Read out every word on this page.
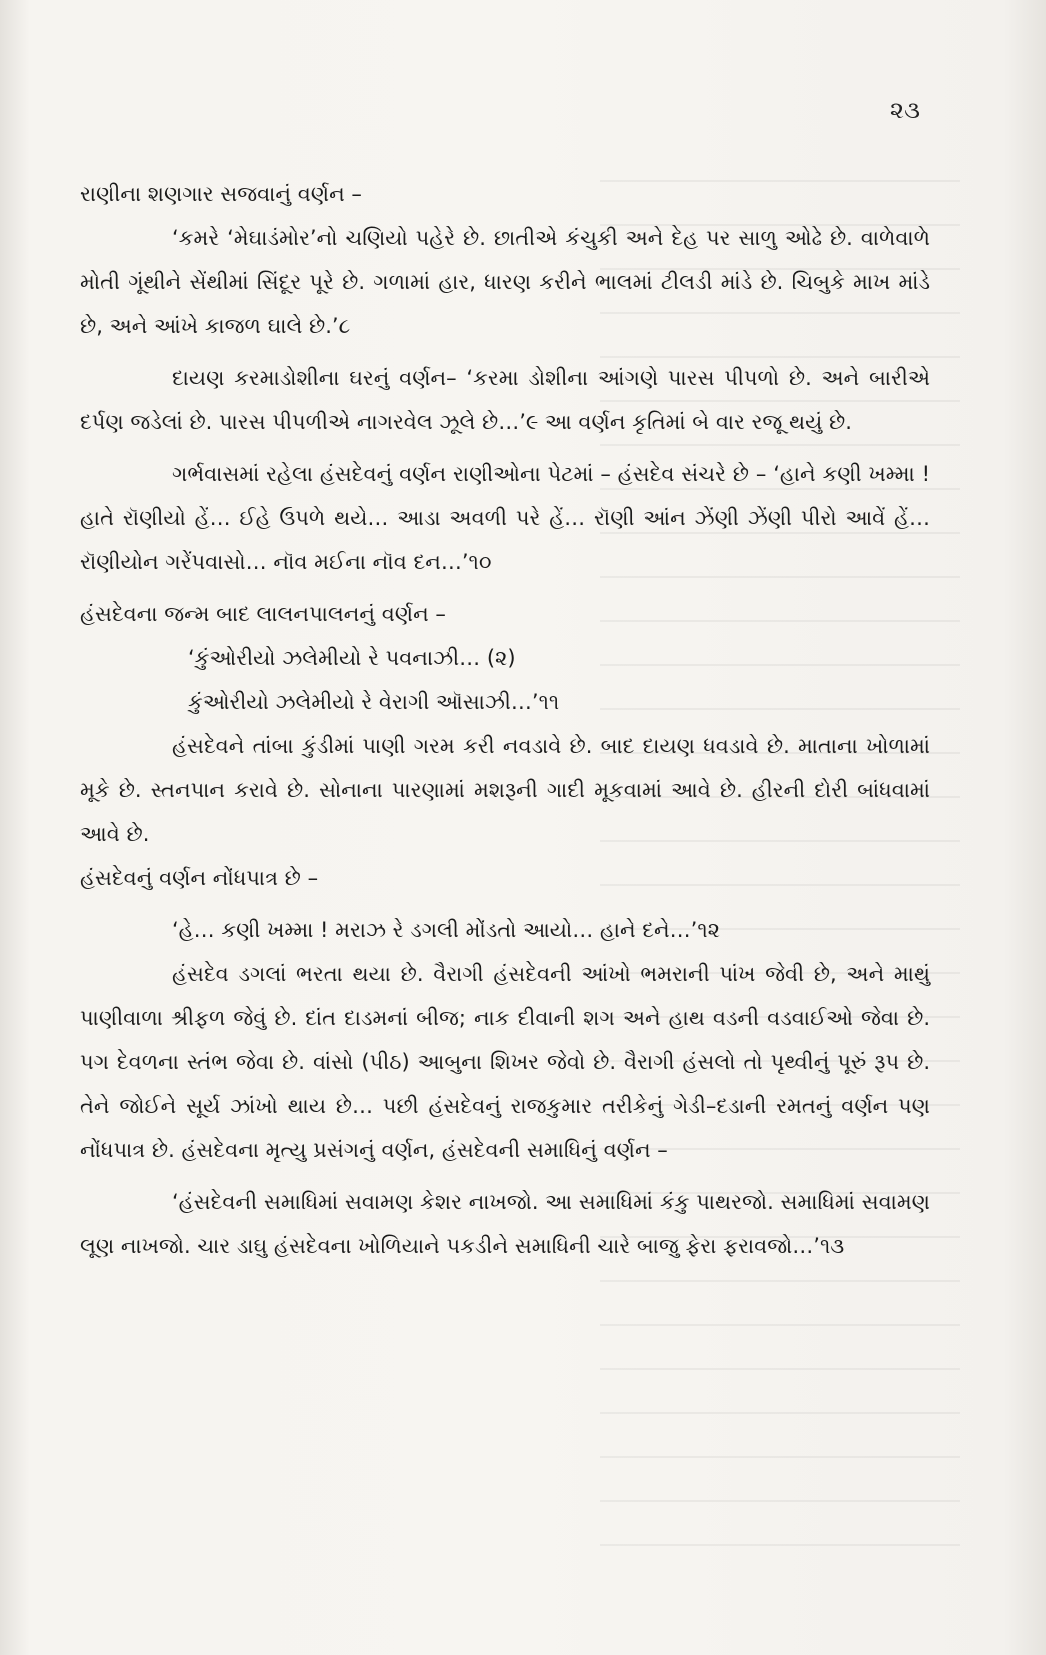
૨૩

રાણીના શણગાર સજવાનું વર્ણન –

‘કમરે ‘મેઘાડંમોર’નો ચણિયો પહેરે છે. છાતીએ કંચુકી અને દેહ પર સાળુ ઓઢે છે. વાળેવાળે મોતી ગૂંથીને સેંથીમાં સિંદૂર પૂરે છે. ગળામાં હાર, ધારણ કરીને ભાલમાં ટીલડી માંડે છે. ચિબુકે માખ માંડે છે, અને આંખે કાજળ ઘાલે છે.’૮

દાયણ કરમાડોશીના ઘરનું વર્ણન– ‘કરમા ડોશીના આંગણે પારસ પીપળો છે. અને બારીએ દર્પણ જડેલાં છે. પારસ પીપળીએ નાગરવેલ ઝૂલે છે…’૯ આ વર્ણન કૃતિમાં બે વાર રજૂ થયું છે.

ગર્ભવાસમાં રહેલા હંસદેવનું વર્ણન રાણીઓના પેટમાં – હંસદેવ સંચરે છે – ‘હાને કણી ખમ્મા ! હાતે રૉણીયો હેં… ઈહે ઉપળે થયે… આડા અવળી પરે હેં… રૉણી આંન ઝેંણી ઝેંણી પીરો આવેં હેં… રૉણીયોન ગરેંપવાસો… નૉવ મઈના નૉવ દન…’૧૦

હંસદેવના જન્મ બાદ લાલનપાલનનું વર્ણન –

‘કુંઓરીયો ઝલેમીયો રે પવનાઝી… (૨)
કુંઓરીયો ઝલેમીયો રે વેરાગી ઑસાઝી…’૧૧

હંસદેવને તાંબા કુંડીમાં પાણી ગરમ કરી નવડાવે છે. બાદ દાયણ ધવડાવે છે. માતાના ખોળામાં મૂકે છે. સ્તનપાન કરાવે છે. સોનાના પારણામાં મશરૂની ગાદી મૂકવામાં આવે છે. હીરની દોરી બાંધવામાં આવે છે.

હંસદેવનું વર્ણન નોંધપાત્ર છે –

‘હે… કણી ખમ્મા ! મરાઝ રે ડગલી મોંડતો આયો… હાને દને…’૧૨

હંસદેવ ડગલાં ભરતા થયા છે. વૈરાગી હંસદેવની આંખો ભમરાની પાંખ જેવી છે, અને માથું પાણીવાળા શ્રીફળ જેવું છે. દાંત દાડમનાં બીજ; નાક દીવાની શગ અને હાથ વડની વડવાઈઓ જેવા છે. પગ દેવળના સ્તંભ જેવા છે. વાંસો (પીઠ) આબુના શિખર જેવો છે. વૈરાગી હંસલો તો પૃથ્વીનું પૂરું રૂપ છે. તેને જોઈને સૂર્ય ઝાંખો થાય છે… પછી હંસદેવનું રાજકુમાર તરીકેનું ગેડી–દડાની રમતનું વર્ણન પણ નોંધપાત્ર છે. હંસદેવના મૃત્યુ પ્રસંગનું વર્ણન, હંસદેવની સમાધિનું વર્ણન –

‘હંસદેવની સમાધિમાં સવામણ કેશર નાખજો. આ સમાધિમાં કંકુ પાથરજો. સમાધિમાં સવામણ લૂણ નાખજો. ચાર ડાઘુ હંસદેવના ખોળિયાને પકડીને સમાધિની ચારે બાજુ ફેરા ફરાવજો…’૧૩
